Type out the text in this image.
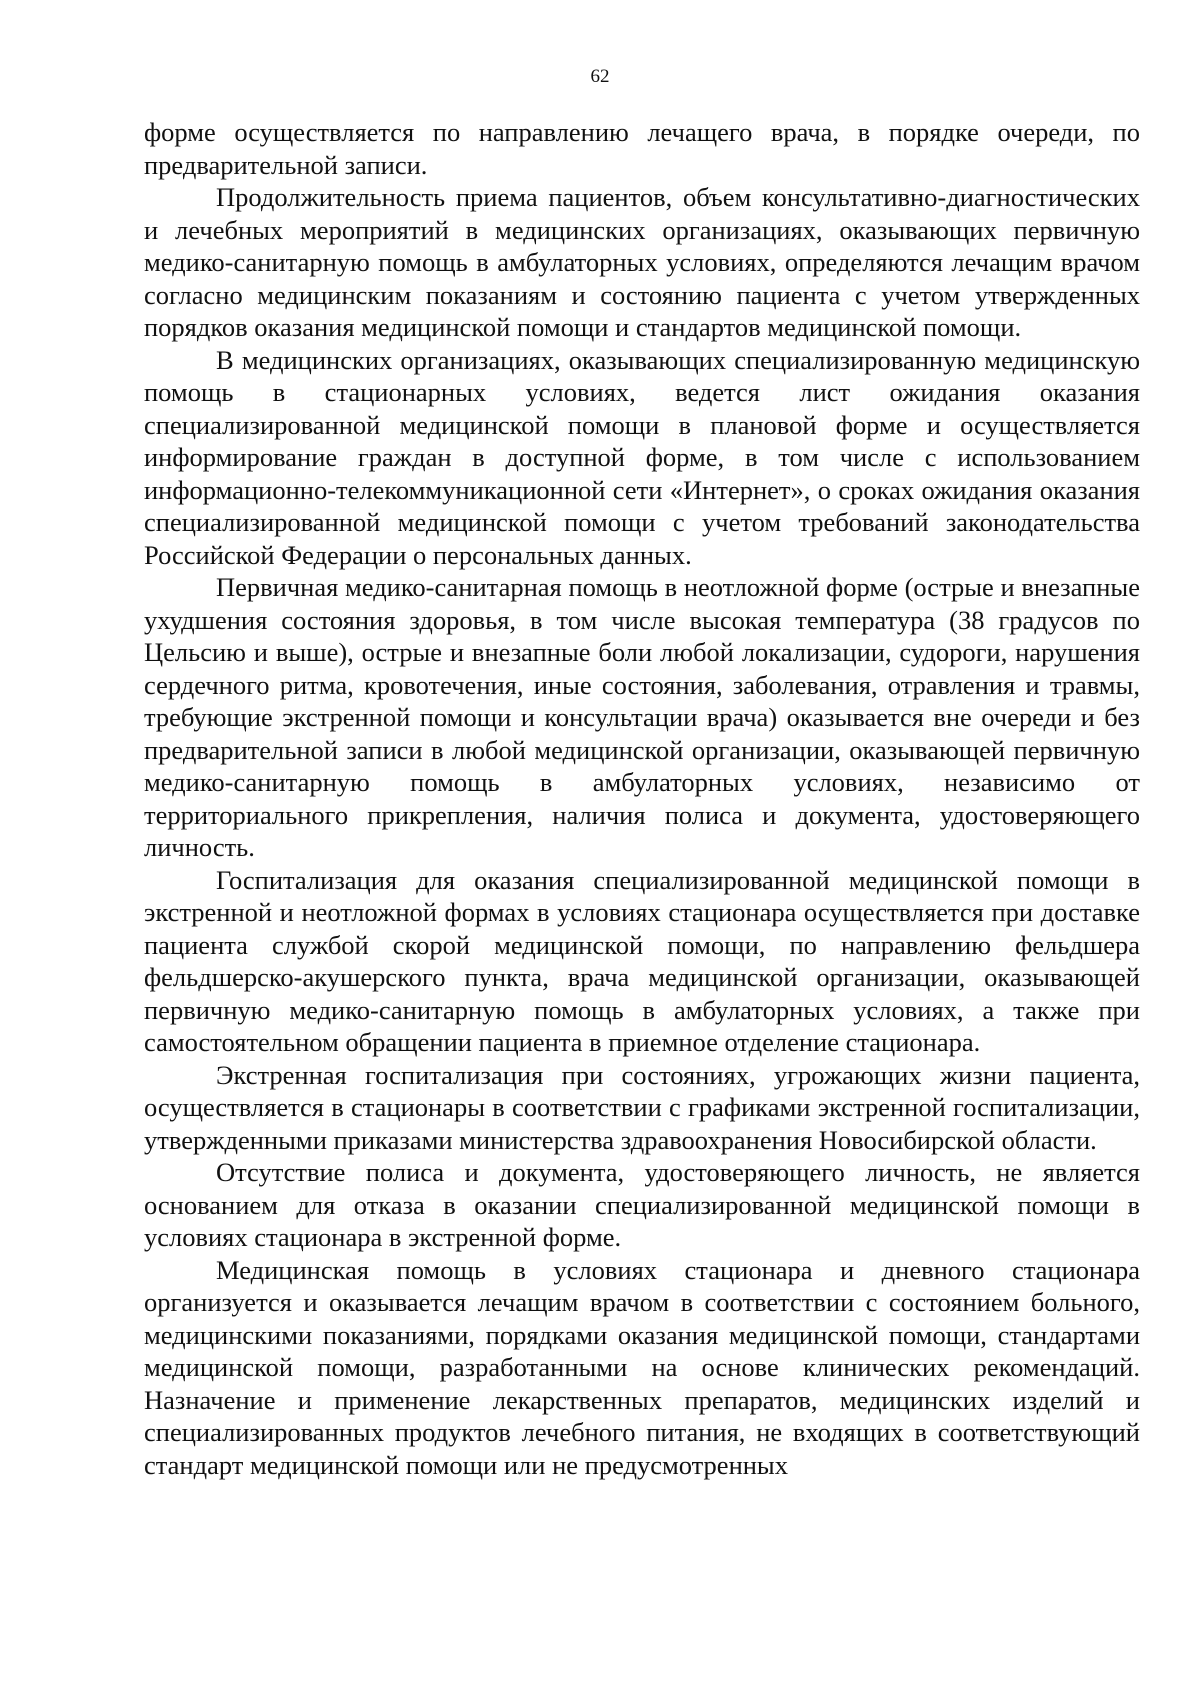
62

форме осуществляется по направлению лечащего врача, в порядке очереди, по предварительной записи.

Продолжительность приема пациентов, объем консультативно-диагностических и лечебных мероприятий в медицинских организациях, оказывающих первичную медико-санитарную помощь в амбулаторных условиях, определяются лечащим врачом согласно медицинским показаниям и состоянию пациента с учетом утвержденных порядков оказания медицинской помощи и стандартов медицинской помощи.

В медицинских организациях, оказывающих специализированную медицинскую помощь в стационарных условиях, ведется лист ожидания оказания специализированной медицинской помощи в плановой форме и осуществляется информирование граждан в доступной форме, в том числе с использованием информационно-телекоммуникационной сети «Интернет», о сроках ожидания оказания специализированной медицинской помощи с учетом требований законодательства Российской Федерации о персональных данных.

Первичная медико-санитарная помощь в неотложной форме (острые и внезапные ухудшения состояния здоровья, в том числе высокая температура (38 градусов по Цельсию и выше), острые и внезапные боли любой локализации, судороги, нарушения сердечного ритма, кровотечения, иные состояния, заболевания, отравления и травмы, требующие экстренной помощи и консультации врача) оказывается вне очереди и без предварительной записи в любой медицинской организации, оказывающей первичную медико-санитарную помощь в амбулаторных условиях, независимо от территориального прикрепления, наличия полиса и документа, удостоверяющего личность.

Госпитализация для оказания специализированной медицинской помощи в экстренной и неотложной формах в условиях стационара осуществляется при доставке пациента службой скорой медицинской помощи, по направлению фельдшера фельдшерско-акушерского пункта, врача медицинской организации, оказывающей первичную медико-санитарную помощь в амбулаторных условиях, а также при самостоятельном обращении пациента в приемное отделение стационара.

Экстренная госпитализация при состояниях, угрожающих жизни пациента, осуществляется в стационары в соответствии с графиками экстренной госпитализации, утвержденными приказами министерства здравоохранения Новосибирской области.

Отсутствие полиса и документа, удостоверяющего личность, не является основанием для отказа в оказании специализированной медицинской помощи в условиях стационара в экстренной форме.

Медицинская помощь в условиях стационара и дневного стационара организуется и оказывается лечащим врачом в соответствии с состоянием больного, медицинскими показаниями, порядками оказания медицинской помощи, стандартами медицинской помощи, разработанными на основе клинических рекомендаций. Назначение и применение лекарственных препаратов, медицинских изделий и специализированных продуктов лечебного питания, не входящих в соответствующий стандарт медицинской помощи или не предусмотренных
